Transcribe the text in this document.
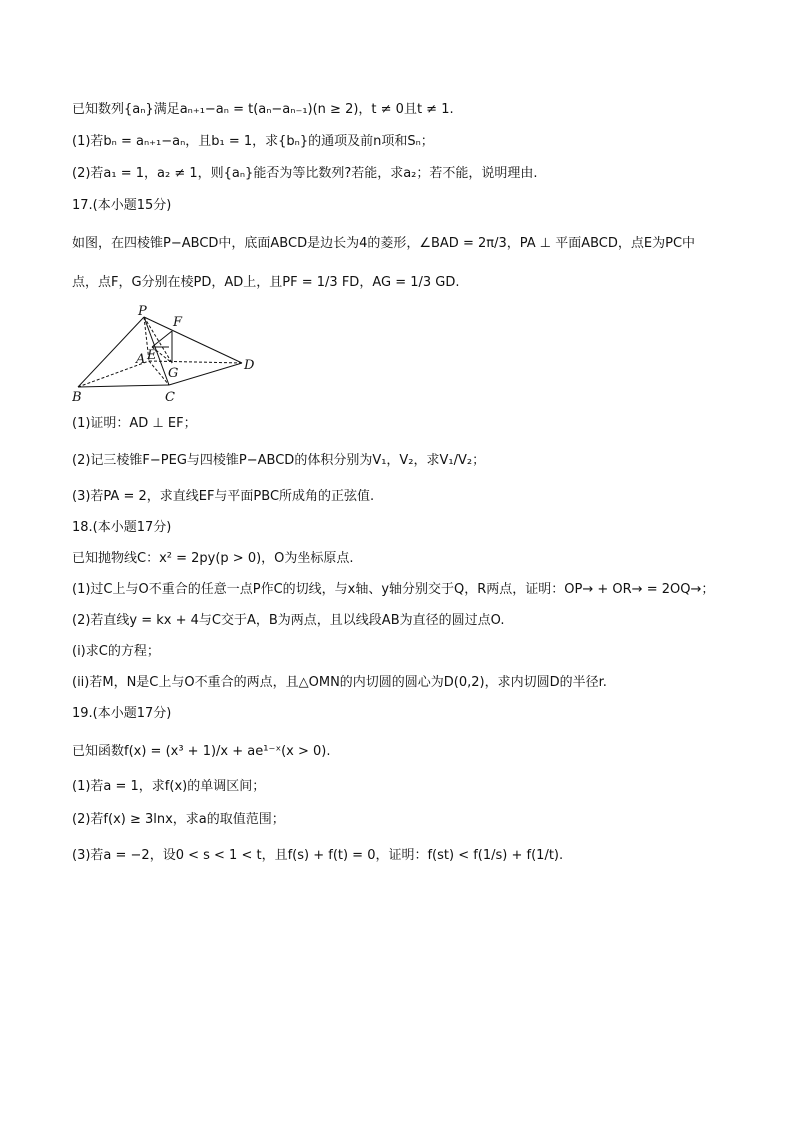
已知数列{aₙ}满足aₙ₊₁−aₙ = t(aₙ−aₙ₋₁)(n ≥ 2)，t ≠ 0且t ≠ 1.
(1)若bₙ = aₙ₊₁−aₙ，且b₁ = 1，求{bₙ}的通项及前n项和Sₙ；
(2)若a₁ = 1，a₂ ≠ 1，则{aₙ}能否为等比数列?若能，求a₂；若不能，说明理由.
17.(本小题15分)
如图，在四棱锥P−ABCD中，底面ABCD是边长为4的菱形，∠BAD = 2π/3，PA ⊥ 平面ABCD，点E为PC中
点，点F，G分别在棱PD，AD上，且PF = 1/3 FD，AG = 1/3 GD.
P
F
A E
G
D
B	C
(1)证明：AD ⊥ EF；
(2)记三棱锥F−PEG与四棱锥P−ABCD的体积分别为V₁，V₂，求V₁/V₂；
(3)若PA = 2，求直线EF与平面PBC所成角的正弦值.
18.(本小题17分)
已知抛物线C：x² = 2py(p > 0)，O为坐标原点.
(1)过C上与O不重合的任意一点P作C的切线，与x轴、y轴分别交于Q，R两点，证明：OP→ + OR→ = 2OQ→；
(2)若直线y = kx + 4与C交于A，B为两点，且以线段AB为直径的圆过点O.
(i)求C的方程；
(ii)若M，N是C上与O不重合的两点，且△OMN的内切圆的圆心为D(0,2)，求内切圆D的半径r.
19.(本小题17分)
已知函数f(x) = (x³ + 1)/x + ae¹⁻ˣ(x > 0).
(1)若a = 1，求f(x)的单调区间；
(2)若f(x) ≥ 3lnx，求a的取值范围；
(3)若a = −2，设0 < s < 1 < t，且f(s) + f(t) = 0，证明：f(st) < f(1/s) + f(1/t).
